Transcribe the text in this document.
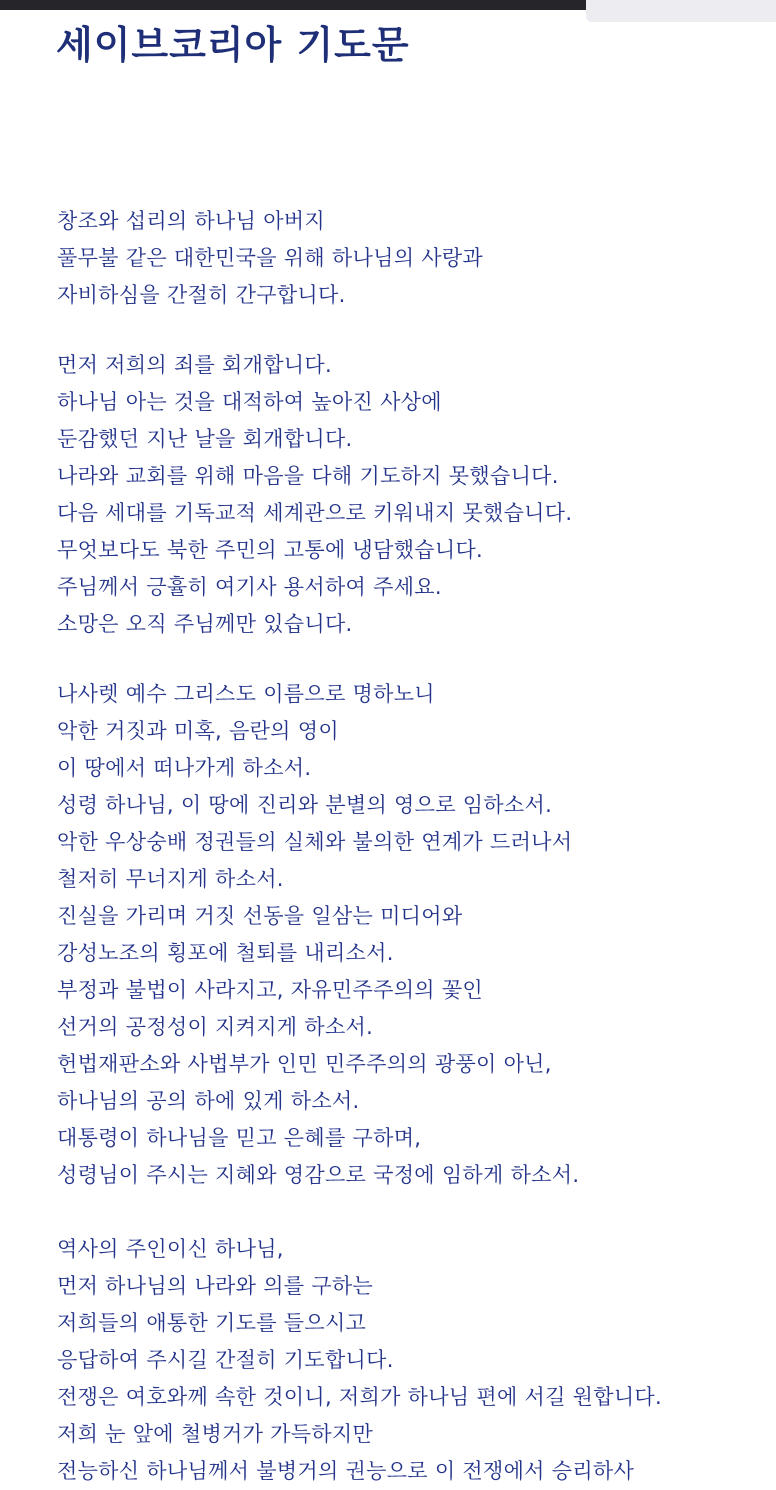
세이브코리아 기도문
창조와 섭리의 하나님 아버지
풀무불 같은 대한민국을 위해 하나님의 사랑과
자비하심을 간절히 간구합니다.
먼저 저희의 죄를 회개합니다.
하나님 아는 것을 대적하여 높아진 사상에
둔감했던 지난 날을 회개합니다.
나라와 교회를 위해 마음을 다해 기도하지 못했습니다.
다음 세대를 기독교적 세계관으로 키워내지 못했습니다.
무엇보다도 북한 주민의 고통에 냉담했습니다.
주님께서 긍휼히 여기사 용서하여 주세요.
소망은 오직 주님께만 있습니다.
나사렛 예수 그리스도 이름으로 명하노니
악한 거짓과 미혹, 음란의 영이
이 땅에서 떠나가게 하소서.
성령 하나님, 이 땅에 진리와 분별의 영으로 임하소서.
악한 우상숭배 정권들의 실체와 불의한 연계가 드러나서
철저히 무너지게 하소서.
진실을 가리며 거짓 선동을 일삼는 미디어와
강성노조의 횡포에 철퇴를 내리소서.
부정과 불법이 사라지고, 자유민주주의의 꽃인
선거의 공정성이 지켜지게 하소서.
헌법재판소와 사법부가 인민 민주주의의 광풍이 아닌,
하나님의 공의 하에 있게 하소서.
대통령이 하나님을 믿고 은혜를 구하며,
성령님이 주시는 지혜와 영감으로 국정에 임하게 하소서.
역사의 주인이신 하나님,
먼저 하나님의 나라와 의를 구하는
저희들의 애통한 기도를 들으시고
응답하여 주시길 간절히 기도합니다.
전쟁은 여호와께 속한 것이니, 저희가 하나님 편에 서길 원합니다.
저희 눈 앞에 철병거가 가득하지만
전능하신 하나님께서 불병거의 권능으로 이 전쟁에서 승리하사
